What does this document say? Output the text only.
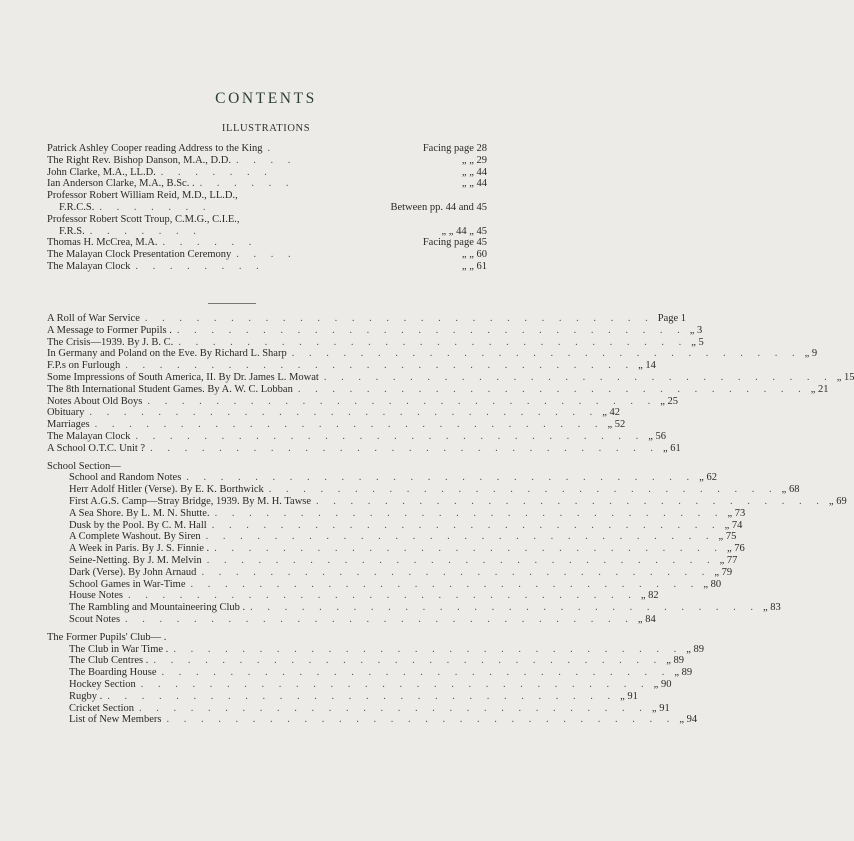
CONTENTS
ILLUSTRATIONS
Patrick Ashley Cooper reading Address to the King .	Facing page 28
The Right Rev. Bishop Danson, M.A., D.D. . . . .	„ „ 29
John Clarke, M.A., LL.D. . . . . . . .	„ „ 44
Ian Anderson Clarke, M.A., B.Sc. . . . . . . .	„ „ 44
Professor Robert William Reid, M.D., LL.D.,
F.R.C.S. . . . . . . .	Between pp. 44 and 45
Professor Robert Scott Troup, C.M.G., C.I.E.,
F.R.S. . . . . . . .	„ „ 44 „ 45
Thomas H. McCrea, M.A. . . . . . .	Facing page 45
The Malayan Clock Presentation Ceremony . . . .	„ „ 60
The Malayan Clock . . . . . . . .	„ „ 61
A Roll of War Service . . . . . . . . . . . . . . . . . . . . . . . . . . . . . . Page 1
A Message to Former Pupils . . . . . . . . . . . . . . . . . . . . . . . . . . . . . . . „ 3
The Crisis—1939. By J. B. C. . . . . . . . . . . . . . . . . . . . . . . . . . . . . . . „ 5
In Germany and Poland on the Eve. By Richard L. Sharp . . . . . . . . . . . . . . . . . . . . . . . . . . . . . . „ 9
F.P.s on Furlough . . . . . . . . . . . . . . . . . . . . . . . . . . . . . . „ 14
Some Impressions of South America, II. By Dr. James L. Mowat . . . . . . . . . . . . . . . . . . . . . . . . . . . . . . „ 15
The 8th International Student Games. By A. W. C. Lobban . . . . . . . . . . . . . . . . . . . . . . . . . . . . . . „ 21
Notes About Old Boys . . . . . . . . . . . . . . . . . . . . . . . . . . . . . . „ 25
Obituary . . . . . . . . . . . . . . . . . . . . . . . . . . . . . . „ 42
Marriages . . . . . . . . . . . . . . . . . . . . . . . . . . . . . . „ 52
The Malayan Clock . . . . . . . . . . . . . . . . . . . . . . . . . . . . . . „ 56
A School O.T.C. Unit ? . . . . . . . . . . . . . . . . . . . . . . . . . . . . . . „ 61
School Section—
School and Random Notes . . . . . . . . . . . . . . . . . . . . . . . . . . . . . . „ 62
Herr Adolf Hitler (Verse). By E. K. Borthwick . . . . . . . . . . . . . . . . . . . . . . . . . . . . . . „ 68
First A.G.S. Camp—Stray Bridge, 1939. By M. H. Tawse . . . . . . . . . . . . . . . . . . . . . . . . . . . . . . „ 69
A Sea Shore. By L. M. N. Shutte. . . . . . . . . . . . . . . . . . . . . . . . . . . . . . . „ 73
Dusk by the Pool. By C. M. Hall . . . . . . . . . . . . . . . . . . . . . . . . . . . . . . „ 74
A Complete Washout. By Siren . . . . . . . . . . . . . . . . . . . . . . . . . . . . . . „ 75
A Week in Paris. By J. S. Finnie . . . . . . . . . . . . . . . . . . . . . . . . . . . . . . . „ 76
Seine-Netting. By J. M. Melvin . . . . . . . . . . . . . . . . . . . . . . . . . . . . . . „ 77
Dark (Verse). By John Arnaud . . . . . . . . . . . . . . . . . . . . . . . . . . . . . . „ 79
School Games in War-Time . . . . . . . . . . . . . . . . . . . . . . . . . . . . . . „ 80
House Notes . . . . . . . . . . . . . . . . . . . . . . . . . . . . . . „ 82
The Rambling and Mountaineering Club . . . . . . . . . . . . . . . . . . . . . . . . . . . . . . . „ 83
Scout Notes . . . . . . . . . . . . . . . . . . . . . . . . . . . . . . „ 84
The Former Pupils' Club— .
The Club in War Time . . . . . . . . . . . . . . . . . . . . . . . . . . . . . . . „ 89
The Club Centres . . . . . . . . . . . . . . . . . . . . . . . . . . . . . . . „ 89
The Boarding House . . . . . . . . . . . . . . . . . . . . . . . . . . . . . . „ 89
Hockey Section . . . . . . . . . . . . . . . . . . . . . . . . . . . . . . „ 90
Rugby . . . . . . . . . . . . . . . . . . . . . . . . . . . . . . . „ 91
Cricket Section . . . . . . . . . . . . . . . . . . . . . . . . . . . . . . „ 91
List of New Members . . . . . . . . . . . . . . . . . . . . . . . . . . . . . . „ 94
